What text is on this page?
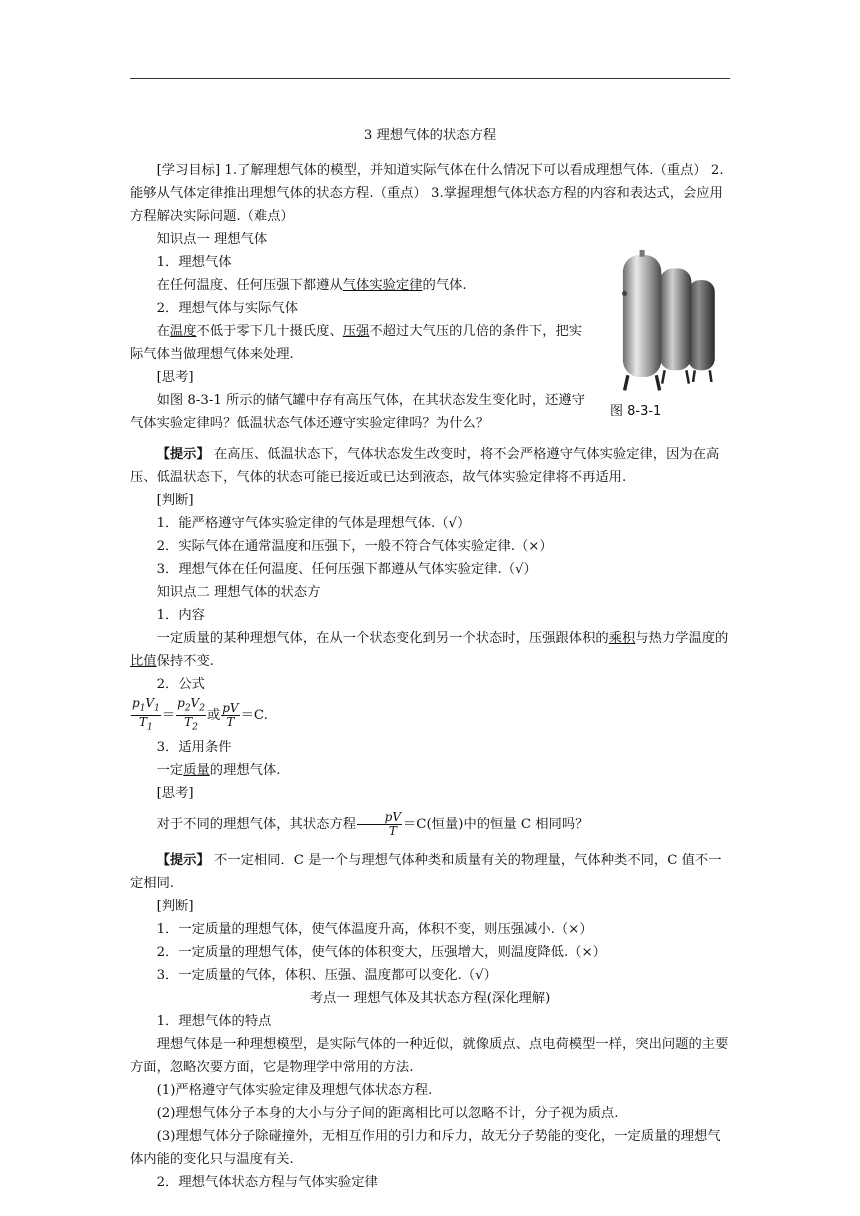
图 8-3-1

3 理想气体的状态方程

[学习目标] 1.了解理想气体的模型，并知道实际气体在什么情况下可以看成理想气体.（重点） 2.能够从气体定律推出理想气体的状态方程.（重点） 3.掌握理想气体状态方程的内容和表达式，会应用方程解决实际问题.（难点）

知识点一 理想气体

1．理想气体

在任何温度、任何压强下都遵从气体实验定律的气体.

2．理想气体与实际气体

在温度不低于零下几十摄氏度、压强不超过大气压的几倍的条件下，把实际气体当做理想气体来处理.

[思考]

如图 8-3-1 所示的储气罐中存有高压气体，在其状态发生变化时，还遵守气体实验定律吗？低温状态气体还遵守实验定律吗？为什么？

【提示】 在高压、低温状态下，气体状态发生改变时，将不会严格遵守气体实验定律，因为在高压、低温状态下，气体的状态可能已接近或已达到液态，故气体实验定律将不再适用.

[判断]

1．能严格遵守气体实验定律的气体是理想气体.（√）

2．实际气体在通常温度和压强下，一般不符合气体实验定律.（×）

3．理想气体在任何温度、任何压强下都遵从气体实验定律.（√）

知识点二 理想气体的状态方

1．内容

一定质量的某种理想气体，在从一个状态变化到另一个状态时，压强跟体积的乘积与热力学温度的比值保持不变.

2．公式

$\frac{p_1V_1}{T_1} = \frac{p_2V_2}{T_2}$ 或 $\frac{pV}{T} =C$.

3．适用条件

一定质量的理想气体.

[思考]

对于不同的理想气体，其状态方程 $\frac{pV}{T} =C$(恒量)中的恒量 C 相同吗？

【提示】 不一定相同．C 是一个与理想气体种类和质量有关的物理量，气体种类不同，C 值不一定相同.

[判断]

1．一定质量的理想气体，使气体温度升高，体积不变，则压强减小.（×）

2．一定质量的理想气体，使气体的体积变大，压强增大，则温度降低.（×）

3．一定质量的气体，体积、压强、温度都可以变化.（√）

考点一 理想气体及其状态方程(深化理解)

1．理想气体的特点

理想气体是一种理想模型，是实际气体的一种近似，就像质点、点电荷模型一样，突出问题的主要方面，忽略次要方面，它是物理学中常用的方法.

(1)严格遵守气体实验定律及理想气体状态方程.

(2)理想气体分子本身的大小与分子间的距离相比可以忽略不计，分子视为质点.

(3)理想气体分子除碰撞外，无相互作用的引力和斥力，故无分子势能的变化，一定质量的理想气体内能的变化只与温度有关.

2．理想气体状态方程与气体实验定律
